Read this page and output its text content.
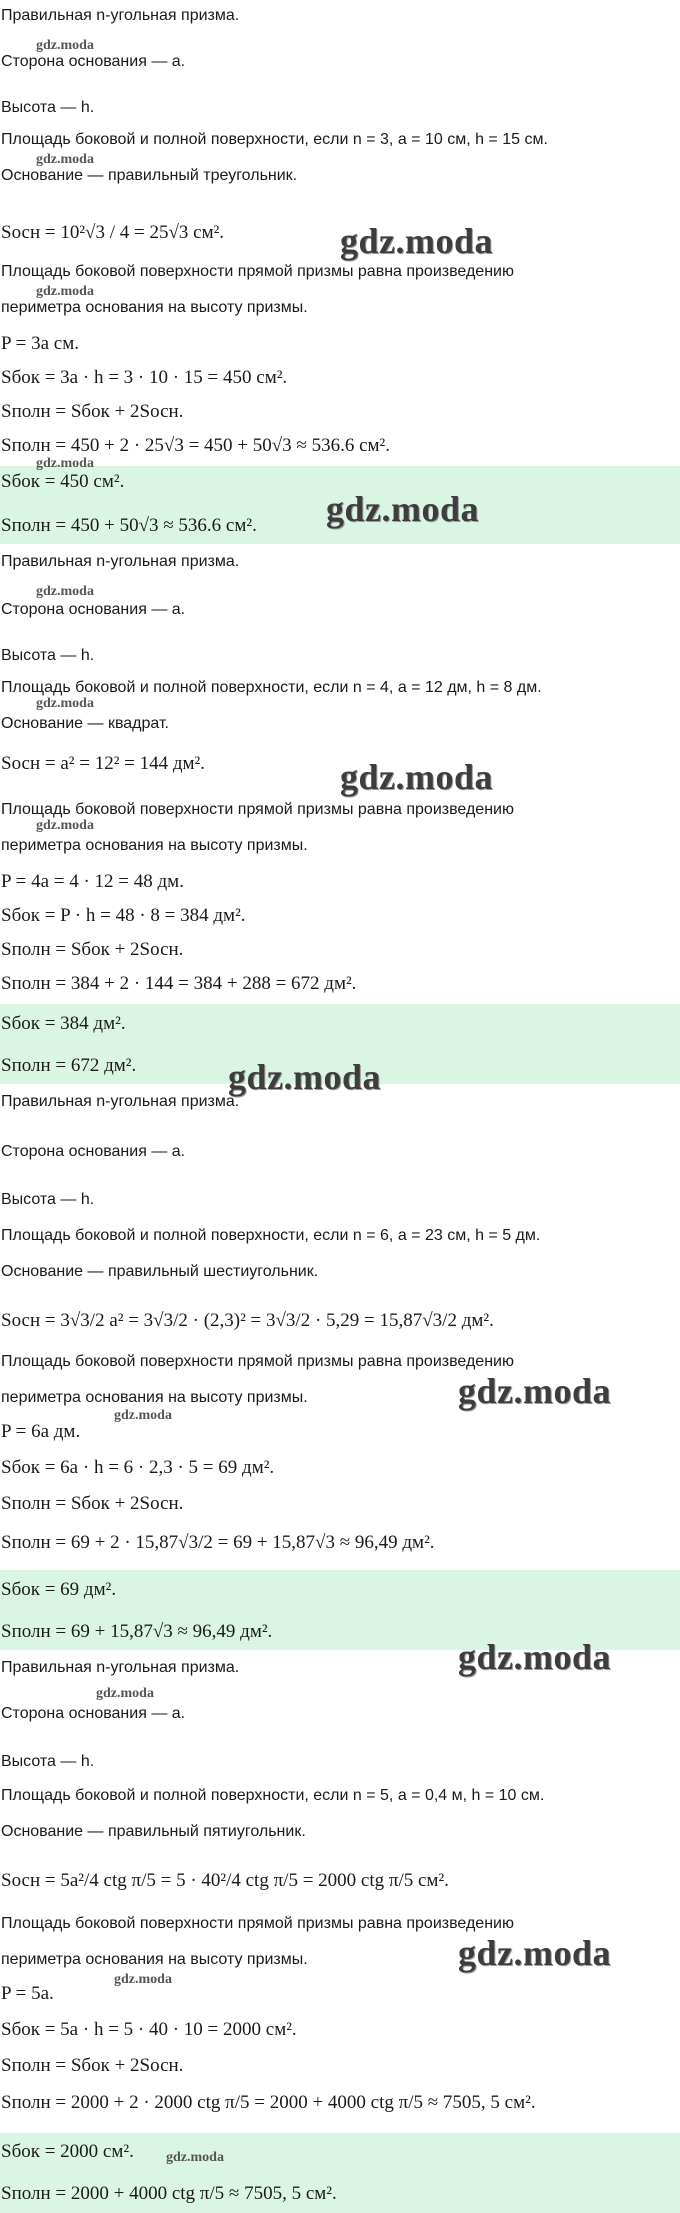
Правильная n-угольная призма.
Сторона основания — a.
Высота — h.
Площадь боковой и полной поверхности, если n = 3, a = 10 см, h = 15 см.
Основание — правильный треугольник.
Sосн = 10²√3 / 4 = 25√3 см².
Площадь боковой поверхности прямой призмы равна произведению
периметра основания на высоту призмы.
P = 3a см.
Sбок = 3a · h = 3 · 10 · 15 = 450 см².
Sполн = Sбок + 2Sосн.
Sполн = 450 + 2 · 25√3 = 450 + 50√3 ≈ 536.6 см².
Sбок = 450 см².
Sполн = 450 + 50√3 ≈ 536.6 см².
Правильная n-угольная призма.
Сторона основания — a.
Высота — h.
Площадь боковой и полной поверхности, если n = 4, a = 12 дм, h = 8 дм.
Основание — квадрат.
Sосн = a² = 12² = 144 дм².
Площадь боковой поверхности прямой призмы равна произведению
периметра основания на высоту призмы.
P = 4a = 4 · 12 = 48 дм.
Sбок = P · h = 48 · 8 = 384 дм².
Sполн = Sбок + 2Sосн.
Sполн = 384 + 2 · 144 = 384 + 288 = 672 дм².
Sбок = 384 дм².
Sполн = 672 дм².
Правильная n-угольная призма.
Сторона основания — a.
Высота — h.
Площадь боковой и полной поверхности, если n = 6, a = 23 см, h = 5 дм.
Основание — правильный шестиугольник.
Sосн = 3√3/2 a² = 3√3/2 · (2,3)² = 3√3/2 · 5,29 = 15,87√3/2 дм².
Площадь боковой поверхности прямой призмы равна произведению
периметра основания на высоту призмы.
P = 6a дм.
Sбок = 6a · h = 6 · 2,3 · 5 = 69 дм².
Sполн = Sбок + 2Sосн.
Sполн = 69 + 2 · 15,87√3/2 = 69 + 15,87√3 ≈ 96,49 дм².
Sбок = 69 дм².
Sполн = 69 + 15,87√3 ≈ 96,49 дм².
Правильная n-угольная призма.
Сторона основания — a.
Высота — h.
Площадь боковой и полной поверхности, если n = 5, a = 0,4 м, h = 10 см.
Основание — правильный пятиугольник.
Sосн = 5a²/4 ctg π/5 = 5 · 40²/4 ctg π/5 = 2000 ctg π/5 см².
Площадь боковой поверхности прямой призмы равна произведению
периметра основания на высоту призмы.
P = 5a.
Sбок = 5a · h = 5 · 40 · 10 = 2000 см².
Sполн = Sбок + 2Sосн.
Sполн = 2000 + 2 · 2000 ctg π/5 = 2000 + 4000 ctg π/5 ≈ 7505, 5 см².
Sбок = 2000 см².
Sполн = 2000 + 4000 ctg π/5 ≈ 7505, 5 см².
gdz.moda
gdz.moda
gdz.moda
gdz.moda
gdz.moda
gdz.moda
gdz.moda
gdz.moda
gdz.moda
gdz.moda
gdz.moda
gdz.moda
gdz.moda
gdz.moda
gdz.moda
gdz.moda
gdz.moda
gdz.moda
